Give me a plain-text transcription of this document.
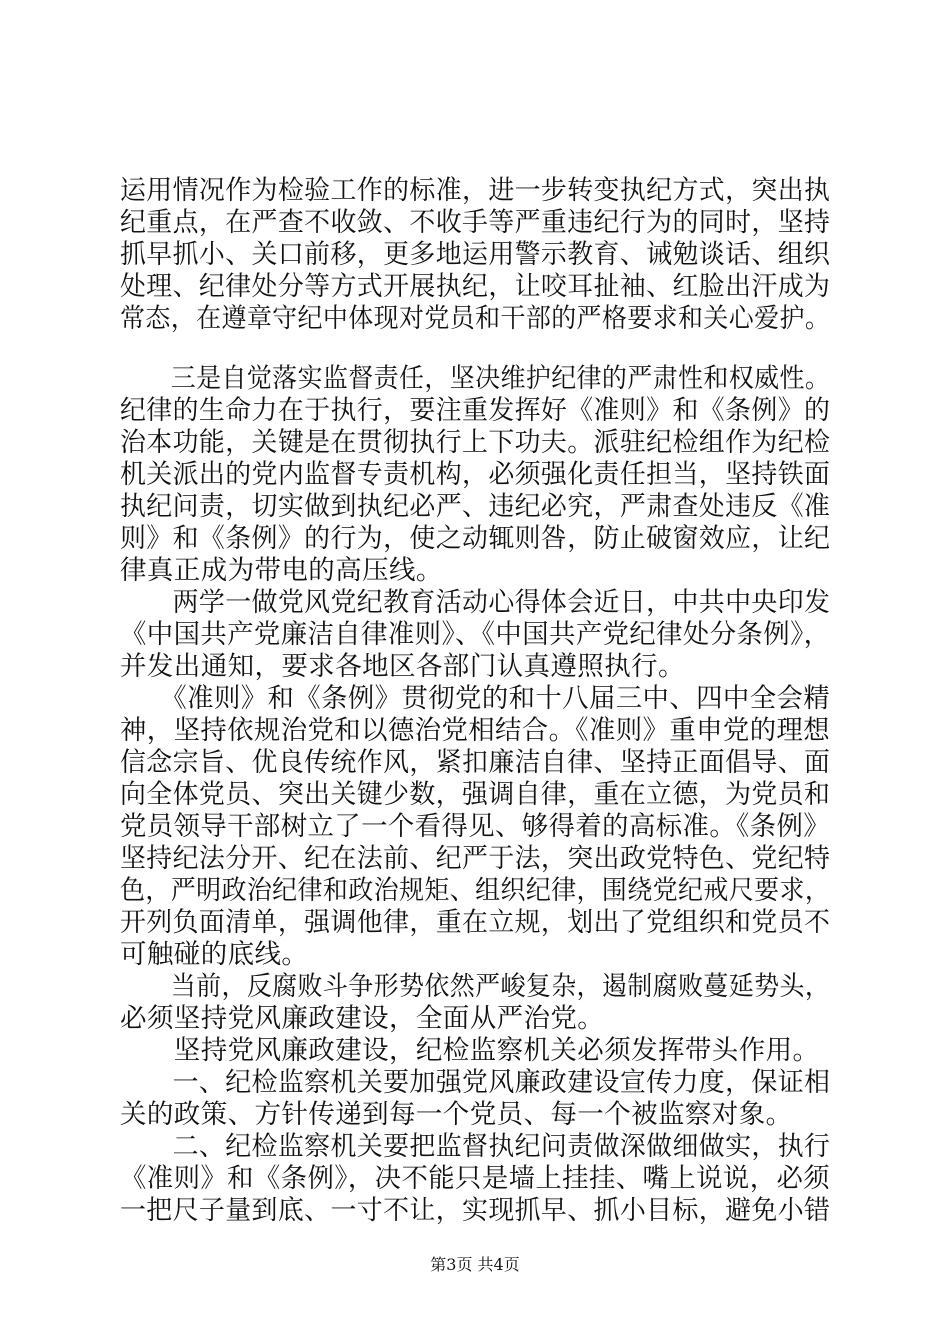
运用情况作为检验工作的标准，进一步转变执纪方式，突出执
纪重点，在严查不收敛、不收手等严重违纪行为的同时，坚持
抓早抓小、关口前移，更多地运用警示教育、诫勉谈话、组织
处理、纪律处分等方式开展执纪，让咬耳扯袖、红脸出汗成为
常态，在遵章守纪中体现对党员和干部的严格要求和关心爱护。
　　三是自觉落实监督责任，坚决维护纪律的严肃性和权威性。
纪律的生命力在于执行，要注重发挥好《准则》和《条例》的
治本功能，关键是在贯彻执行上下功夫。派驻纪检组作为纪检
机关派出的党内监督专责机构，必须强化责任担当，坚持铁面
执纪问责，切实做到执纪必严、违纪必究，严肃查处违反《准
则》和《条例》的行为，使之动辄则咎，防止破窗效应，让纪
律真正成为带电的高压线。
　　两学一做党风党纪教育活动心得体会近日，中共中央印发
《中国共产党廉洁自律准则》、《中国共产党纪律处分条例》，
并发出通知，要求各地区各部门认真遵照执行。
　　《准则》和《条例》贯彻党的和十八届三中、四中全会精
神，坚持依规治党和以德治党相结合。《准则》重申党的理想
信念宗旨、优良传统作风，紧扣廉洁自律、坚持正面倡导、面
向全体党员、突出关键少数，强调自律，重在立德，为党员和
党员领导干部树立了一个看得见、够得着的高标准。《条例》
坚持纪法分开、纪在法前、纪严于法，突出政党特色、党纪特
色，严明政治纪律和政治规矩、组织纪律，围绕党纪戒尺要求，
开列负面清单，强调他律，重在立规，划出了党组织和党员不
可触碰的底线。
　　当前，反腐败斗争形势依然严峻复杂，遏制腐败蔓延势头，
必须坚持党风廉政建设，全面从严治党。
　　坚持党风廉政建设，纪检监察机关必须发挥带头作用。
　　一、纪检监察机关要加强党风廉政建设宣传力度，保证相
关的政策、方针传递到每一个党员、每一个被监察对象。
　　二、纪检监察机关要把监督执纪问责做深做细做实，执行
《准则》和《条例》，决不能只是墙上挂挂、嘴上说说，必须
一把尺子量到底、一寸不让，实现抓早、抓小目标，避免小错
第3页 共4页
